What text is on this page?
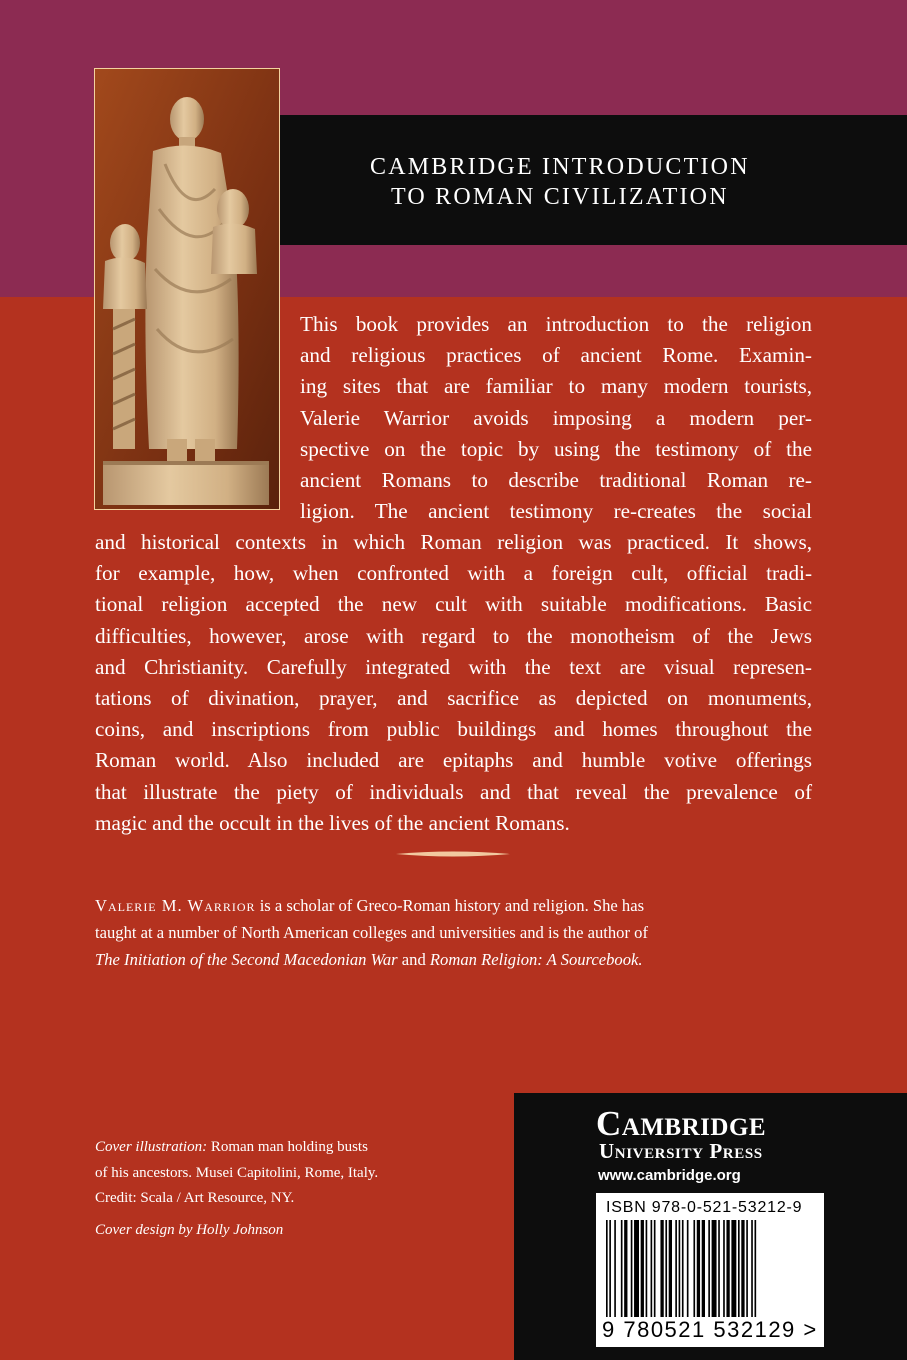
CAMBRIDGE INTRODUCTION
TO ROMAN CIVILIZATION
This book provides an introduction to the religion
and religious practices of ancient Rome. Examin-
ing sites that are familiar to many modern tourists,
Valerie Warrior avoids imposing a modern per-
spective on the topic by using the testimony of the
ancient Romans to describe traditional Roman re-
ligion. The ancient testimony re-creates the social
and historical contexts in which Roman religion was practiced. It shows,
for example, how, when confronted with a foreign cult, official tradi-
tional religion accepted the new cult with suitable modifications. Basic
difficulties, however, arose with regard to the monotheism of the Jews
and Christianity. Carefully integrated with the text are visual represen-
tations of divination, prayer, and sacrifice as depicted on monuments,
coins, and inscriptions from public buildings and homes throughout the
Roman world. Also included are epitaphs and humble votive offerings
that illustrate the piety of individuals and that reveal the prevalence of
magic and the occult in the lives of the ancient Romans.
Valerie M. Warrior is a scholar of Greco-Roman history and religion. She has
taught at a number of North American colleges and universities and is the author of
The Initiation of the Second Macedonian War and Roman Religion: A Sourcebook.
Cover illustration: Roman man holding busts
of his ancestors. Musei Capitolini, Rome, Italy.
Credit: Scala / Art Resource, NY.
Cover design by Holly Johnson
Cambridge
University Press
www.cambridge.org
ISBN 978-0-521-53212-9
9 780521 532129 >
